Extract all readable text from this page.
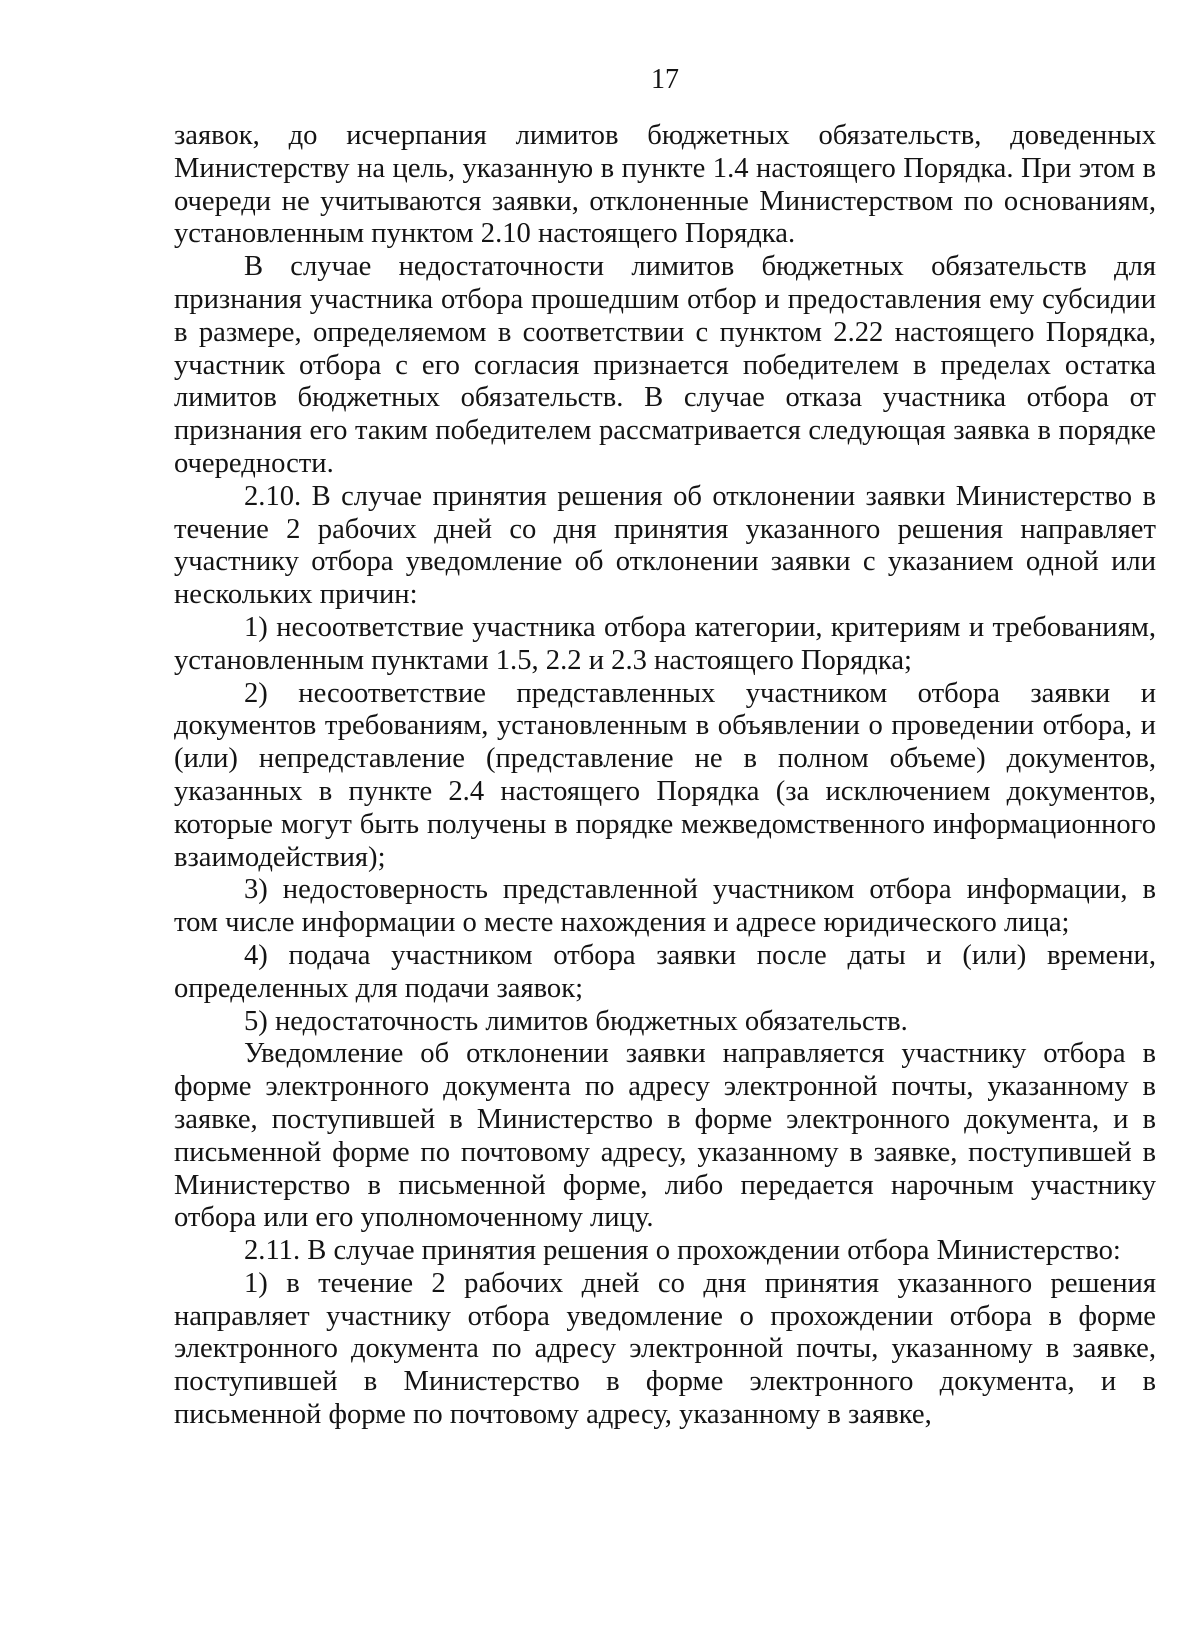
17

заявок, до исчерпания лимитов бюджетных обязательств, доведенных Министерству на цель, указанную в пункте 1.4 настоящего Порядка. При этом в очереди не учитываются заявки, отклоненные Министерством по основаниям, установленным пунктом 2.10 настоящего Порядка.

В случае недостаточности лимитов бюджетных обязательств для признания участника отбора прошедшим отбор и предоставления ему субсидии в размере, определяемом в соответствии с пунктом 2.22 настоящего Порядка, участник отбора с его согласия признается победителем в пределах остатка лимитов бюджетных обязательств. В случае отказа участника отбора от признания его таким победителем рассматривается следующая заявка в порядке очередности.

2.10. В случае принятия решения об отклонении заявки Министерство в течение 2 рабочих дней со дня принятия указанного решения направляет участнику отбора уведомление об отклонении заявки с указанием одной или нескольких причин:

1) несоответствие участника отбора категории, критериям и требованиям, установленным пунктами 1.5, 2.2 и 2.3 настоящего Порядка;

2) несоответствие представленных участником отбора заявки и документов требованиям, установленным в объявлении о проведении отбора, и (или) непредставление (представление не в полном объеме) документов, указанных в пункте 2.4 настоящего Порядка (за исключением документов, которые могут быть получены в порядке межведомственного информационного взаимодействия);

3) недостоверность представленной участником отбора информации, в том числе информации о месте нахождения и адресе юридического лица;

4) подача участником отбора заявки после даты и (или) времени, определенных для подачи заявок;

5) недостаточность лимитов бюджетных обязательств.

Уведомление об отклонении заявки направляется участнику отбора в форме электронного документа по адресу электронной почты, указанному в заявке, поступившей в Министерство в форме электронного документа, и в письменной форме по почтовому адресу, указанному в заявке, поступившей в Министерство в письменной форме, либо передается нарочным участнику отбора или его уполномоченному лицу.

2.11. В случае принятия решения о прохождении отбора Министерство:

1) в течение 2 рабочих дней со дня принятия указанного решения направляет участнику отбора уведомление о прохождении отбора в форме электронного документа по адресу электронной почты, указанному в заявке, поступившей в Министерство в форме электронного документа, и в письменной форме по почтовому адресу, указанному в заявке,
